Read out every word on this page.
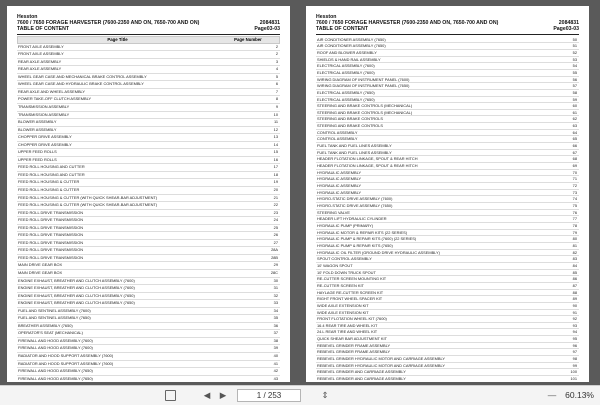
Hesston
7600 / 7650 FORAGE HARVESTER (7600-2350 AND ON, 7650-700 AND ON)
TABLE OF CONTENT
2084831
Page03-03
Page Title	Page Number
FRONT AXLE ASSEMBLY	2
FRONT AXLE ASSEMBLY	2
REAR AXLE ASSEMBLY	3
REAR AXLE ASSEMBLY	4
WHEEL GEAR CASE AND MECHANICAL BRAKE CONTROL ASSEMBLY	5
WHEEL GEAR CASE AND HYDRAULIC BRAKE CONTROL ASSEMBLY	6
REAR AXLE AND WHEEL ASSEMBLY	7
POWER TAKE-OFF CLUTCH ASSEMBLY	8
TRANSMISSION ASSEMBLY	9
TRANSMISSION ASSEMBLY	10
BLOWER ASSEMBLY	11
BLOWER ASSEMBLY	12
CHOPPER DRIVE ASSEMBLY	13
CHOPPER DRIVE ASSEMBLY	14
UPPER FEED ROLLS	15
UPPER FEED ROLLS	16
FEED ROLL HOUSING AND CUTTER	17
FEED ROLL HOUSING AND CUTTER	18
FEED ROLL HOUSING & CUTTER	19
FEED ROLL HOUSING & CUTTER	20
FEED ROLL HOUSING & CUTTER (WITH QUICK SHEAR-BAR ADJUSTMENT)	21
FEED ROLL HOUSING & CUTTER (WITH QUICK SHEAR-BAR ADJUSTMENT)	22
FEED ROLL DRIVE TRANSMISSION	23
FEED ROLL DRIVE TRANSMISSION	24
FEED ROLL DRIVE TRANSMISSION	25
FEED ROLL DRIVE TRANSMISSION	26
FEED ROLL DRIVE TRANSMISSION	27
FEED ROLL DRIVE TRANSMISSION	28A
FEED ROLL DRIVE TRANSMISSION	28B
MAIN DRIVE GEAR BOX	29
MAIN DRIVE GEAR BOX	28C
ENGINE EXHAUST, BREATHER AND CLUTCH ASSEMBLY (7600)	30
ENGINE EXHAUST, BREATHER AND CLUTCH ASSEMBLY (7600)	31
ENGINE EXHAUST, BREATHER AND CLUTCH ASSEMBLY (7650)	32
ENGINE EXHAUST, BREATHER AND CLUTCH ASSEMBLY (7650)	33
FUEL AND SENTINEL ASSEMBLY (7600)	34
FUEL AND SENTINEL ASSEMBLY (7650)	35
BREATHER ASSEMBLY (7650)	36
OPERATOR'S SEAT (MECHANICAL)	37
FIREWALL AND HOOD ASSEMBLY (7600)	38
FIREWALL AND HOOD ASSEMBLY (7600)	39
RADIATOR AND HOOD SUPPORT ASSEMBLY (7600)	40
RADIATOR AND HOOD SUPPORT ASSEMBLY (7600)	41
FIREWALL AND HOOD ASSEMBLY (7650)	42
FIREWALL AND HOOD ASSEMBLY (7650)	43

Hesston
7600 / 7650 FORAGE HARVESTER (7600-2350 AND ON, 7650-700 AND ON)
TABLE OF CONTENT
2084831
Page03-03
AIR CONDITIONER ASSEMBLY (7650)	50
AIR CONDITIONER ASSEMBLY (7650)	51
ROOF AND BLOWER ASSEMBLY	52
SHIELDS & HAND RAIL ASSEMBLY	53
ELECTRICAL ASSEMBLY (7600)	54
ELECTRICAL ASSEMBLY (7600)	55
WIRING DIAGRAM OF INSTRUMENT PANEL (7600)	56
WIRING DIAGRAM OF INSTRUMENT PANEL (7650)	57
ELECTRICAL ASSEMBLY (7650)	58
ELECTRICAL ASSEMBLY (7650)	59
STEERING AND BRAKE CONTROLS (MECHANICAL)	60
STEERING AND BRAKE CONTROLS (MECHANICAL)	61
STEERING AND BRAKE CONTROLS	62
STEERING AND BRAKE CONTROLS	63
CONTROL ASSEMBLY	64
CONTROL ASSEMBLY	65
FUEL TANK AND FUEL LINES ASSEMBLY	66
FUEL TANK AND FUEL LINES ASSEMBLY	67
HEADER FLOTATION LINKAGE, SPOUT & REAR HITCH	68
HEADER FLOTATION LINKAGE, SPOUT & REAR HITCH	69
HYDRAULIC ASSEMBLY	70
HYDRAULIC ASSEMBLY	71
HYDRAULIC ASSEMBLY	72
HYDRAULIC ASSEMBLY	73
HYDRO-STATIC DRIVE ASSEMBLY (7600)	74
HYDRO-STATIC DRIVE ASSEMBLY (7650)	75
STEERING VALVE	76
HEADER LIFT HYDRAULIC CYLINDER	77
HYDRAULIC PUMP (PRIMARY)	78
HYDRAULIC MOTOR & REPAIR KITS (22 SERIES)	79
HYDRAULIC PUMP & REPAIR KITS (7600) (22 SERIES)	80
HYDRAULIC PUMP & REPAIR KITS (7650)	81
HYDRAULIC OIL FILTER (GROUND DRIVE HYDRAULIC ASSEMBLY)	82
SPOUT CONTROL ASSEMBLY	83
10' WAGON SPOUT	84
10' FOLD DOWN TRUCK SPOUT	85
RE-CUTTER SCREEN MOUNTING KIT	86
RE-CUTTER SCREEN KIT	87
HAYLAGE RE-CUTTER SCREEN KIT	88
RIGHT FRONT WHEEL SPACER KIT	89
WIDE AXLE EXTENSION KIT	90
WIDE AXLE EXTENSION KIT	91
FRONT FLOTATION WHEEL KIT (7600)	92
16.4 REAR TIRE AND WHEEL KIT	93
24.L REAR TIRE AND WHEEL KIT	94
QUICK SHEAR BAR ADJUSTMENT KIT	95
REBEVEL GRINDER FRAME ASSEMBLY	96
REBEVEL GRINDER FRAME ASSEMBLY	97
REBEVEL GRINDER HYDRAULIC MOTOR AND CARRIAGE ASSEMBLY	98
REBEVEL GRINDER HYDRAULIC MOTOR AND CARRIAGE ASSEMBLY	99
REBEVEL GRINDER AND CARRIAGE ASSEMBLY	100
REBEVEL GRINDER AND CARRIAGE ASSEMBLY	101
◀	▶	1 / 253	⇕	—	60.13%
